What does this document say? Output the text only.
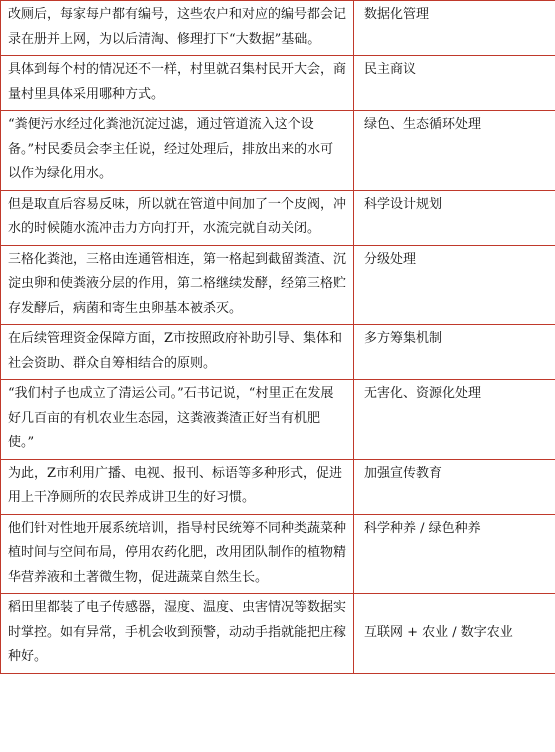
改厕后，每家每户都有编号，这些农户和对应的编号都会记录在册并上网，为以后清淘、修理打下“大数据”基础。	数据化管理
具体到每个村的情况还不一样，村里就召集村民开大会，商量村里具体采用哪种方式。	民主商议
“粪便污水经过化粪池沉淀过滤，通过管道流入这个设备。”村民委员会李主任说，经过处理后，排放出来的水可以作为绿化用水。	绿色、生态循环处理
但是取直后容易反味，所以就在管道中间加了一个皮阀，冲水的时候随水流冲击力方向打开，水流完就自动关闭。	科学设计规划
三格化粪池，三格由连通管相连，第一格起到截留粪渣、沉淀虫卵和使粪液分层的作用，第二格继续发酵，经第三格贮存发酵后，病菌和寄生虫卵基本被杀灭。	分级处理
在后续管理资金保障方面，Z市按照政府补助引导、集体和社会资助、群众自筹相结合的原则。	多方筹集机制
“我们村子也成立了清运公司。”石书记说，“村里正在发展好几百亩的有机农业生态园，这粪液粪渣正好当有机肥使。”	无害化、资源化处理
为此，Z市利用广播、电视、报刊、标语等多种形式，促进用上干净厕所的农民养成讲卫生的好习惯。	加强宣传教育
他们针对性地开展系统培训，指导村民统筹不同种类蔬菜种植时间与空间布局，停用农药化肥，改用团队制作的植物精华营养液和土著微生物，促进蔬菜自然生长。	科学种养 / 绿色种养
稻田里都装了电子传感器，湿度、温度、虫害情况等数据实时掌控。如有异常，手机会收到预警，动动手指就能把庄稼种好。	互联网 + 农业 / 数字农业
